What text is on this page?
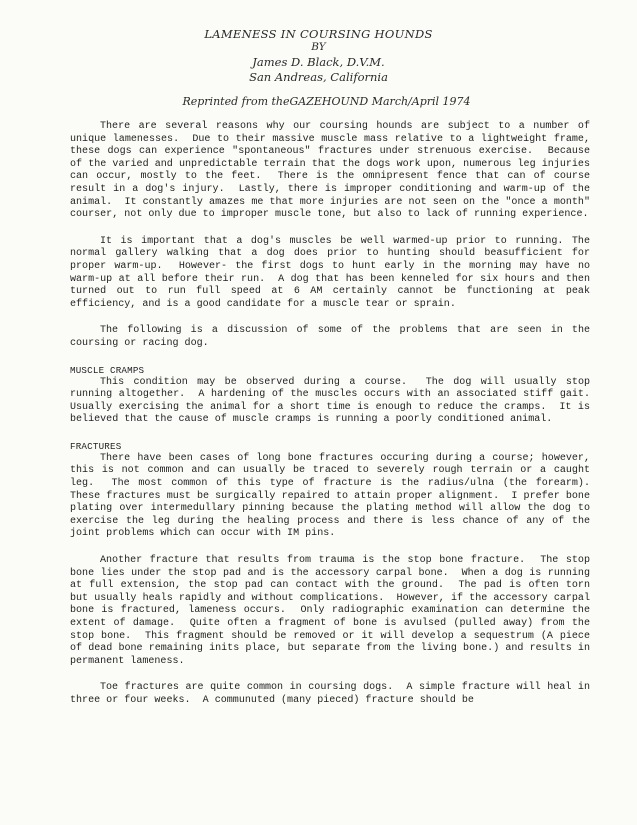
LAMENESS IN COURSING HOUNDS
BY
James D. Black, D.V.M.
San Andreas, California
Reprinted from theGAZEHOUND March/April 1974

There are several reasons why our coursing hounds are subject to a number of unique lamenesses.  Due to their massive muscle mass relative to a lightweight frame, these dogs can experience "spontaneous" fractures under strenuous exercise.  Because of the varied and unpredictable terrain that the dogs work upon, numerous leg injuries can occur, mostly to the feet.  There is the omnipresent fence that can of course result in a dog's injury.  Lastly, there is improper conditioning and warm-up of the animal.  It constantly amazes me that more injuries are not seen on the "once a month" courser, not only due to improper muscle tone, but also to lack of running experience.

It is important that a dog's muscles be well warmed-up prior to running. The normal gallery walking that a dog does prior to hunting should beasufficient for proper warm-up.  However- the first dogs to hunt early in the morning may have no warm-up at all before their run.  A dog that has been kenneled for six hours and then turned out to run full speed at 6 AM certainly cannot be functioning at peak efficiency, and is a good candidate for a muscle tear or sprain.

The following is a discussion of some of the problems that are seen in the coursing or racing dog.

MUSCLE CRAMPS

This condition may be observed during a course.  The dog will usually stop running altogether.  A hardening of the muscles occurs with an associated stiff gait.  Usually exercising the animal for a short time is enough to reduce the cramps.  It is believed that the cause of muscle cramps is running a poorly conditioned animal.

FRACTURES

There have been cases of long bone fractures occuring during a course; however, this is not common and can usually be traced to severely rough terrain or a caught leg.  The most common of this type of fracture is the radius/ulna (the forearm).  These fractures must be surgically repaired to attain proper alignment.  I prefer bone plating over intermedullary pinning because the plating method will allow the dog to exercise the leg during the healing process and there is less chance of any of the joint problems which can occur with IM pins.

Another fracture that results from trauma is the stop bone fracture.  The stop bone lies under the stop pad and is the accessory carpal bone.  When a dog is running at full extension, the stop pad can contact with the ground.  The pad is often torn but usually heals rapidly and without complications.  However, if the accessory carpal bone is fractured, lameness occurs.  Only radiographic examination can determine the extent of damage.  Quite often a fragment of bone is avulsed (pulled away) from the stop bone.  This fragment should be removed or it will develop a sequestrum (A piece of dead bone remaining inits place, but separate from the living bone.) and results in permanent lameness.

Toe fractures are quite common in coursing dogs.  A simple fracture will heal in three or four weeks.  A communuted (many pieced) fracture should be
